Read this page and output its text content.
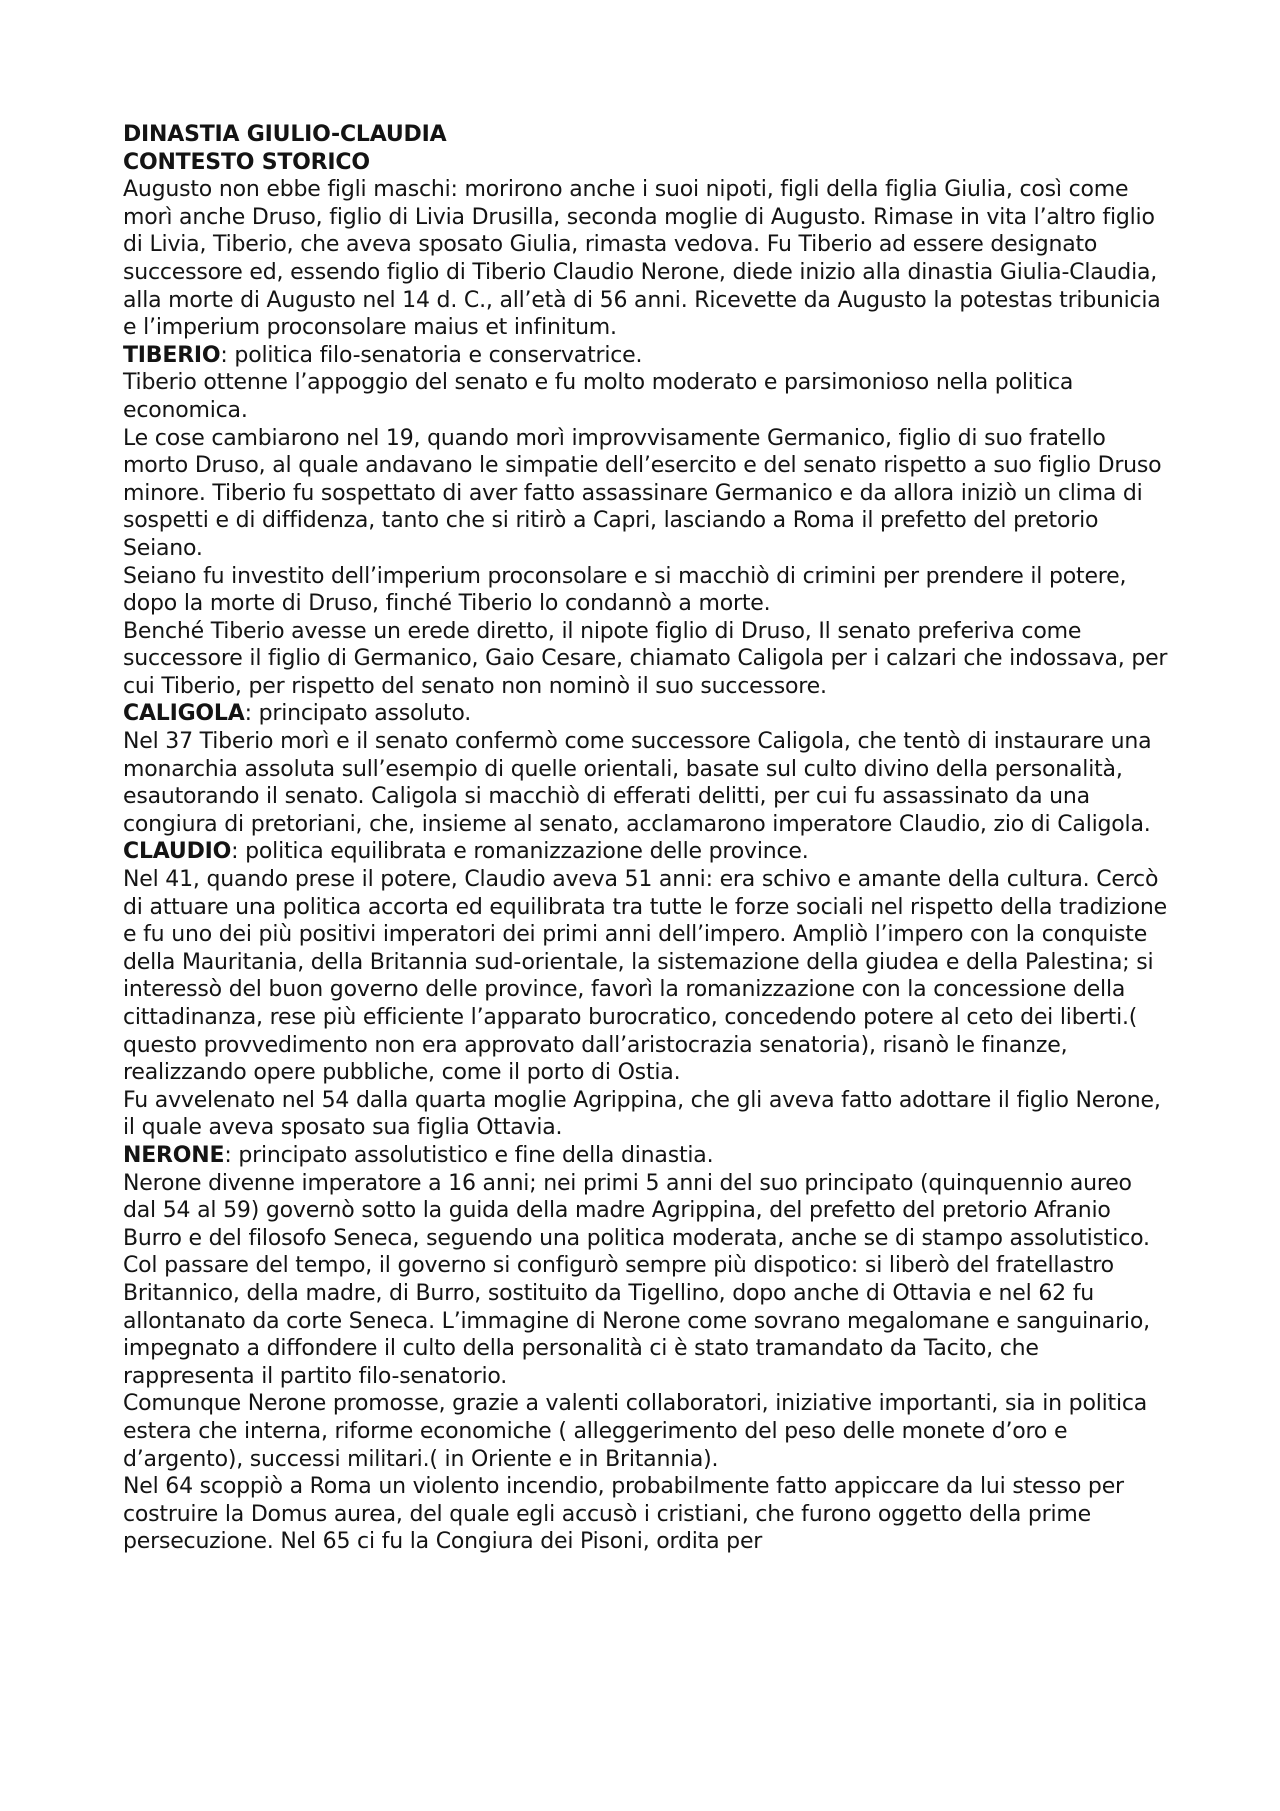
DINASTIA GIULIO-CLAUDIA

CONTESTO STORICO

Augusto non ebbe figli maschi: morirono anche i suoi nipoti, figli della figlia Giulia, così come morì anche Druso, figlio di Livia Drusilla, seconda moglie di Augusto. Rimase in vita l’altro figlio di Livia, Tiberio, che aveva sposato Giulia, rimasta vedova. Fu Tiberio ad essere designato successore ed, essendo figlio di Tiberio Claudio Nerone, diede inizio alla dinastia Giulia-Claudia, alla morte di Augusto nel 14 d. C., all’età di 56 anni. Ricevette da Augusto la potestas tribunicia e l’imperium proconsolare maius et infinitum.

TIBERIO: politica filo-senatoria e conservatrice.

Tiberio ottenne l’appoggio del senato e fu molto moderato e parsimonioso nella politica economica.

Le cose cambiarono nel 19, quando morì improvvisamente Germanico, figlio di suo fratello morto Druso, al quale andavano le simpatie dell’esercito e del senato rispetto a suo figlio Druso minore. Tiberio fu sospettato di aver fatto assassinare Germanico e da allora iniziò un clima di sospetti e di diffidenza, tanto che si ritirò a Capri, lasciando a Roma il prefetto del pretorio Seiano.

Seiano fu investito dell’imperium proconsolare e si macchiò di crimini per prendere il potere, dopo la morte di Druso, finché Tiberio lo condannò a morte.

Benché Tiberio avesse un erede diretto, il nipote figlio di Druso, Il senato preferiva come successore il figlio di Germanico, Gaio Cesare, chiamato Caligola per i calzari che indossava, per cui Tiberio, per rispetto del senato non nominò il suo successore.

CALIGOLA: principato assoluto.

Nel 37 Tiberio morì e il senato confermò come successore Caligola, che tentò di instaurare una monarchia assoluta sull’esempio di quelle orientali, basate sul culto divino della personalità, esautorando il senato. Caligola si macchiò di efferati delitti, per cui fu assassinato da una congiura di pretoriani, che, insieme al senato, acclamarono imperatore Claudio, zio di Caligola.

CLAUDIO: politica equilibrata e romanizzazione delle province.

Nel 41, quando prese il potere, Claudio aveva 51 anni: era schivo e amante della cultura. Cercò di attuare una politica accorta ed equilibrata tra tutte le forze sociali nel rispetto della tradizione e fu uno dei più positivi imperatori dei primi anni dell’impero. Ampliò l’impero con la conquiste della Mauritania, della Britannia sud-orientale, la sistemazione della giudea e della Palestina; si interessò del buon governo delle province, favorì la romanizzazione con la concessione della cittadinanza, rese più efficiente l’apparato burocratico, concedendo potere al ceto dei liberti.( questo provvedimento non era approvato dall’aristocrazia senatoria), risanò le finanze, realizzando opere pubbliche, come il porto di Ostia.

Fu avvelenato nel 54 dalla quarta moglie Agrippina, che gli aveva fatto adottare il figlio Nerone, il quale aveva sposato sua figlia Ottavia.

NERONE: principato assolutistico e fine della dinastia.

Nerone divenne imperatore a 16 anni; nei primi 5 anni del suo principato (quinquennio aureo dal 54 al 59) governò sotto la guida della madre Agrippina, del prefetto del pretorio Afranio Burro e del filosofo Seneca, seguendo una politica moderata, anche se di stampo assolutistico.

Col passare del tempo, il governo si configurò sempre più dispotico: si liberò del fratellastro Britannico, della madre, di Burro, sostituito da Tigellino, dopo anche di Ottavia e nel 62 fu allontanato da corte Seneca. L’immagine di Nerone come sovrano megalomane e sanguinario, impegnato a diffondere il culto della personalità ci è stato tramandato da Tacito, che rappresenta il partito filo-senatorio.

Comunque Nerone promosse, grazie a valenti collaboratori, iniziative importanti, sia in politica estera che interna, riforme economiche ( alleggerimento del peso delle monete d’oro e d’argento), successi militari.( in Oriente e in Britannia).

Nel 64 scoppiò a Roma un violento incendio, probabilmente fatto appiccare da lui stesso per costruire la Domus aurea, del quale egli accusò i cristiani, che furono oggetto della prime persecuzione. Nel 65 ci fu la Congiura dei Pisoni, ordita per
